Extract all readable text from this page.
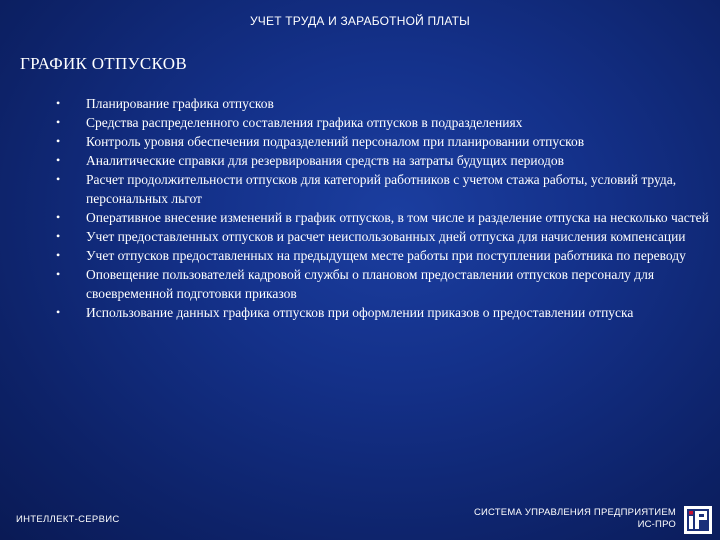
УЧЕТ ТРУДА И ЗАРАБОТНОЙ ПЛАТЫ
ГРАФИК ОТПУСКОВ
• Планирование графика отпусков
• Средства распределенного составления графика отпусков в подразделениях
• Контроль уровня обеспечения подразделений персоналом при планировании отпусков
• Аналитические справки для резервирования средств на затраты будущих периодов
• Расчет продолжительности отпусков для категорий работников с учетом стажа работы, условий труда, персональных льгот
• Оперативное внесение изменений в график отпусков, в том числе и разделение отпуска на несколько частей
• Учет предоставленных отпусков и расчет неиспользованных дней отпуска для начисления компенсации
• Учет отпусков предоставленных на предыдущем месте работы при поступлении работника по переводу
• Оповещение пользователей кадровой службы о плановом предоставлении отпусков персоналу для своевременной подготовки приказов
• Использование данных графика отпусков при оформлении приказов о предоставлении отпуска
ИНТЕЛЛЕКТ-СЕРВИС
СИСТЕМА УПРАВЛЕНИЯ ПРЕДПРИЯТИЕМ
ИС-ПРО
